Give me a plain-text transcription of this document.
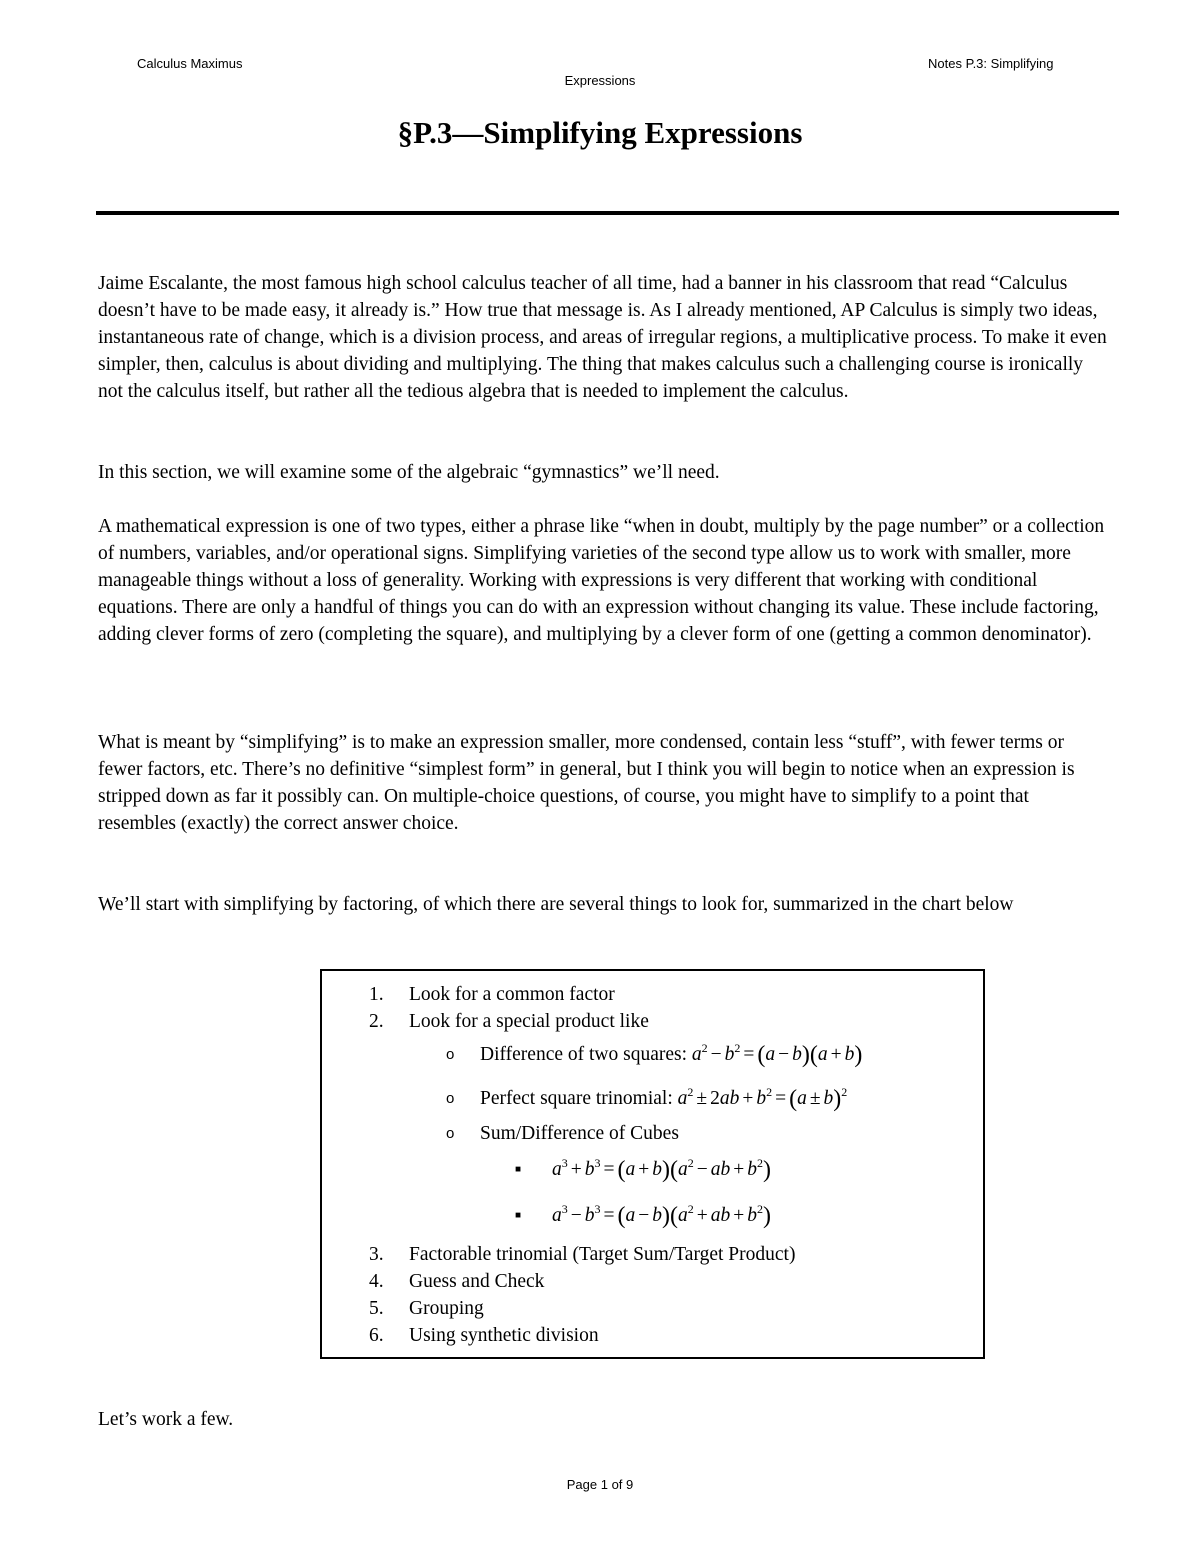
Calculus Maximus	Notes P.3: Simplifying
Expressions
§P.3—Simplifying Expressions

Jaime Escalante, the most famous high school calculus teacher of all time, had a banner in his classroom that read “Calculus doesn’t have to be made easy, it already is.” How true that message is. As I already mentioned, AP Calculus is simply two ideas, instantaneous rate of change, which is a division process, and areas of irregular regions, a multiplicative process. To make it even simpler, then, calculus is about dividing and multiplying. The thing that makes calculus such a challenging course is ironically not the calculus itself, but rather all the tedious algebra that is needed to implement the calculus.

In this section, we will examine some of the algebraic “gymnastics” we’ll need.

A mathematical expression is one of two types, either a phrase like “when in doubt, multiply by the page number” or a collection of numbers, variables, and/or operational signs. Simplifying varieties of the second type allow us to work with smaller, more manageable things without a loss of generality. Working with expressions is very different that working with conditional equations. There are only a handful of things you can do with an expression without changing its value. These include factoring, adding clever forms of zero (completing the square), and multiplying by a clever form of one (getting a common denominator).

What is meant by “simplifying” is to make an expression smaller, more condensed, contain less “stuff”, with fewer terms or fewer factors, etc. There’s no definitive “simplest form” in general, but I think you will begin to notice when an expression is stripped down as far it possibly can. On multiple-choice questions, of course, you might have to simplify to a point that resembles (exactly) the correct answer choice.

We’ll start with simplifying by factoring, of which there are several things to look for, summarized in the chart below

1. Look for a common factor
2. Look for a special product like
o Difference of two squares: $a^2 - b^2 = (a - b)(a + b)$
o Perfect square trinomial: $a^2 \pm 2ab + b^2 = (a \pm b)^2$
o Sum/Difference of Cubes
■ $a^3 + b^3 = (a + b)(a^2$ − ab + $b^2$)
■ $a^3 - b^3 = (a - b)(a^2$ + ab + $b^2$)
3. Factorable trinomial (Target Sum/Target Product)
4. Guess and Check
5. Grouping
6. Using synthetic division

Let’s work a few.

Page 1 of 9
